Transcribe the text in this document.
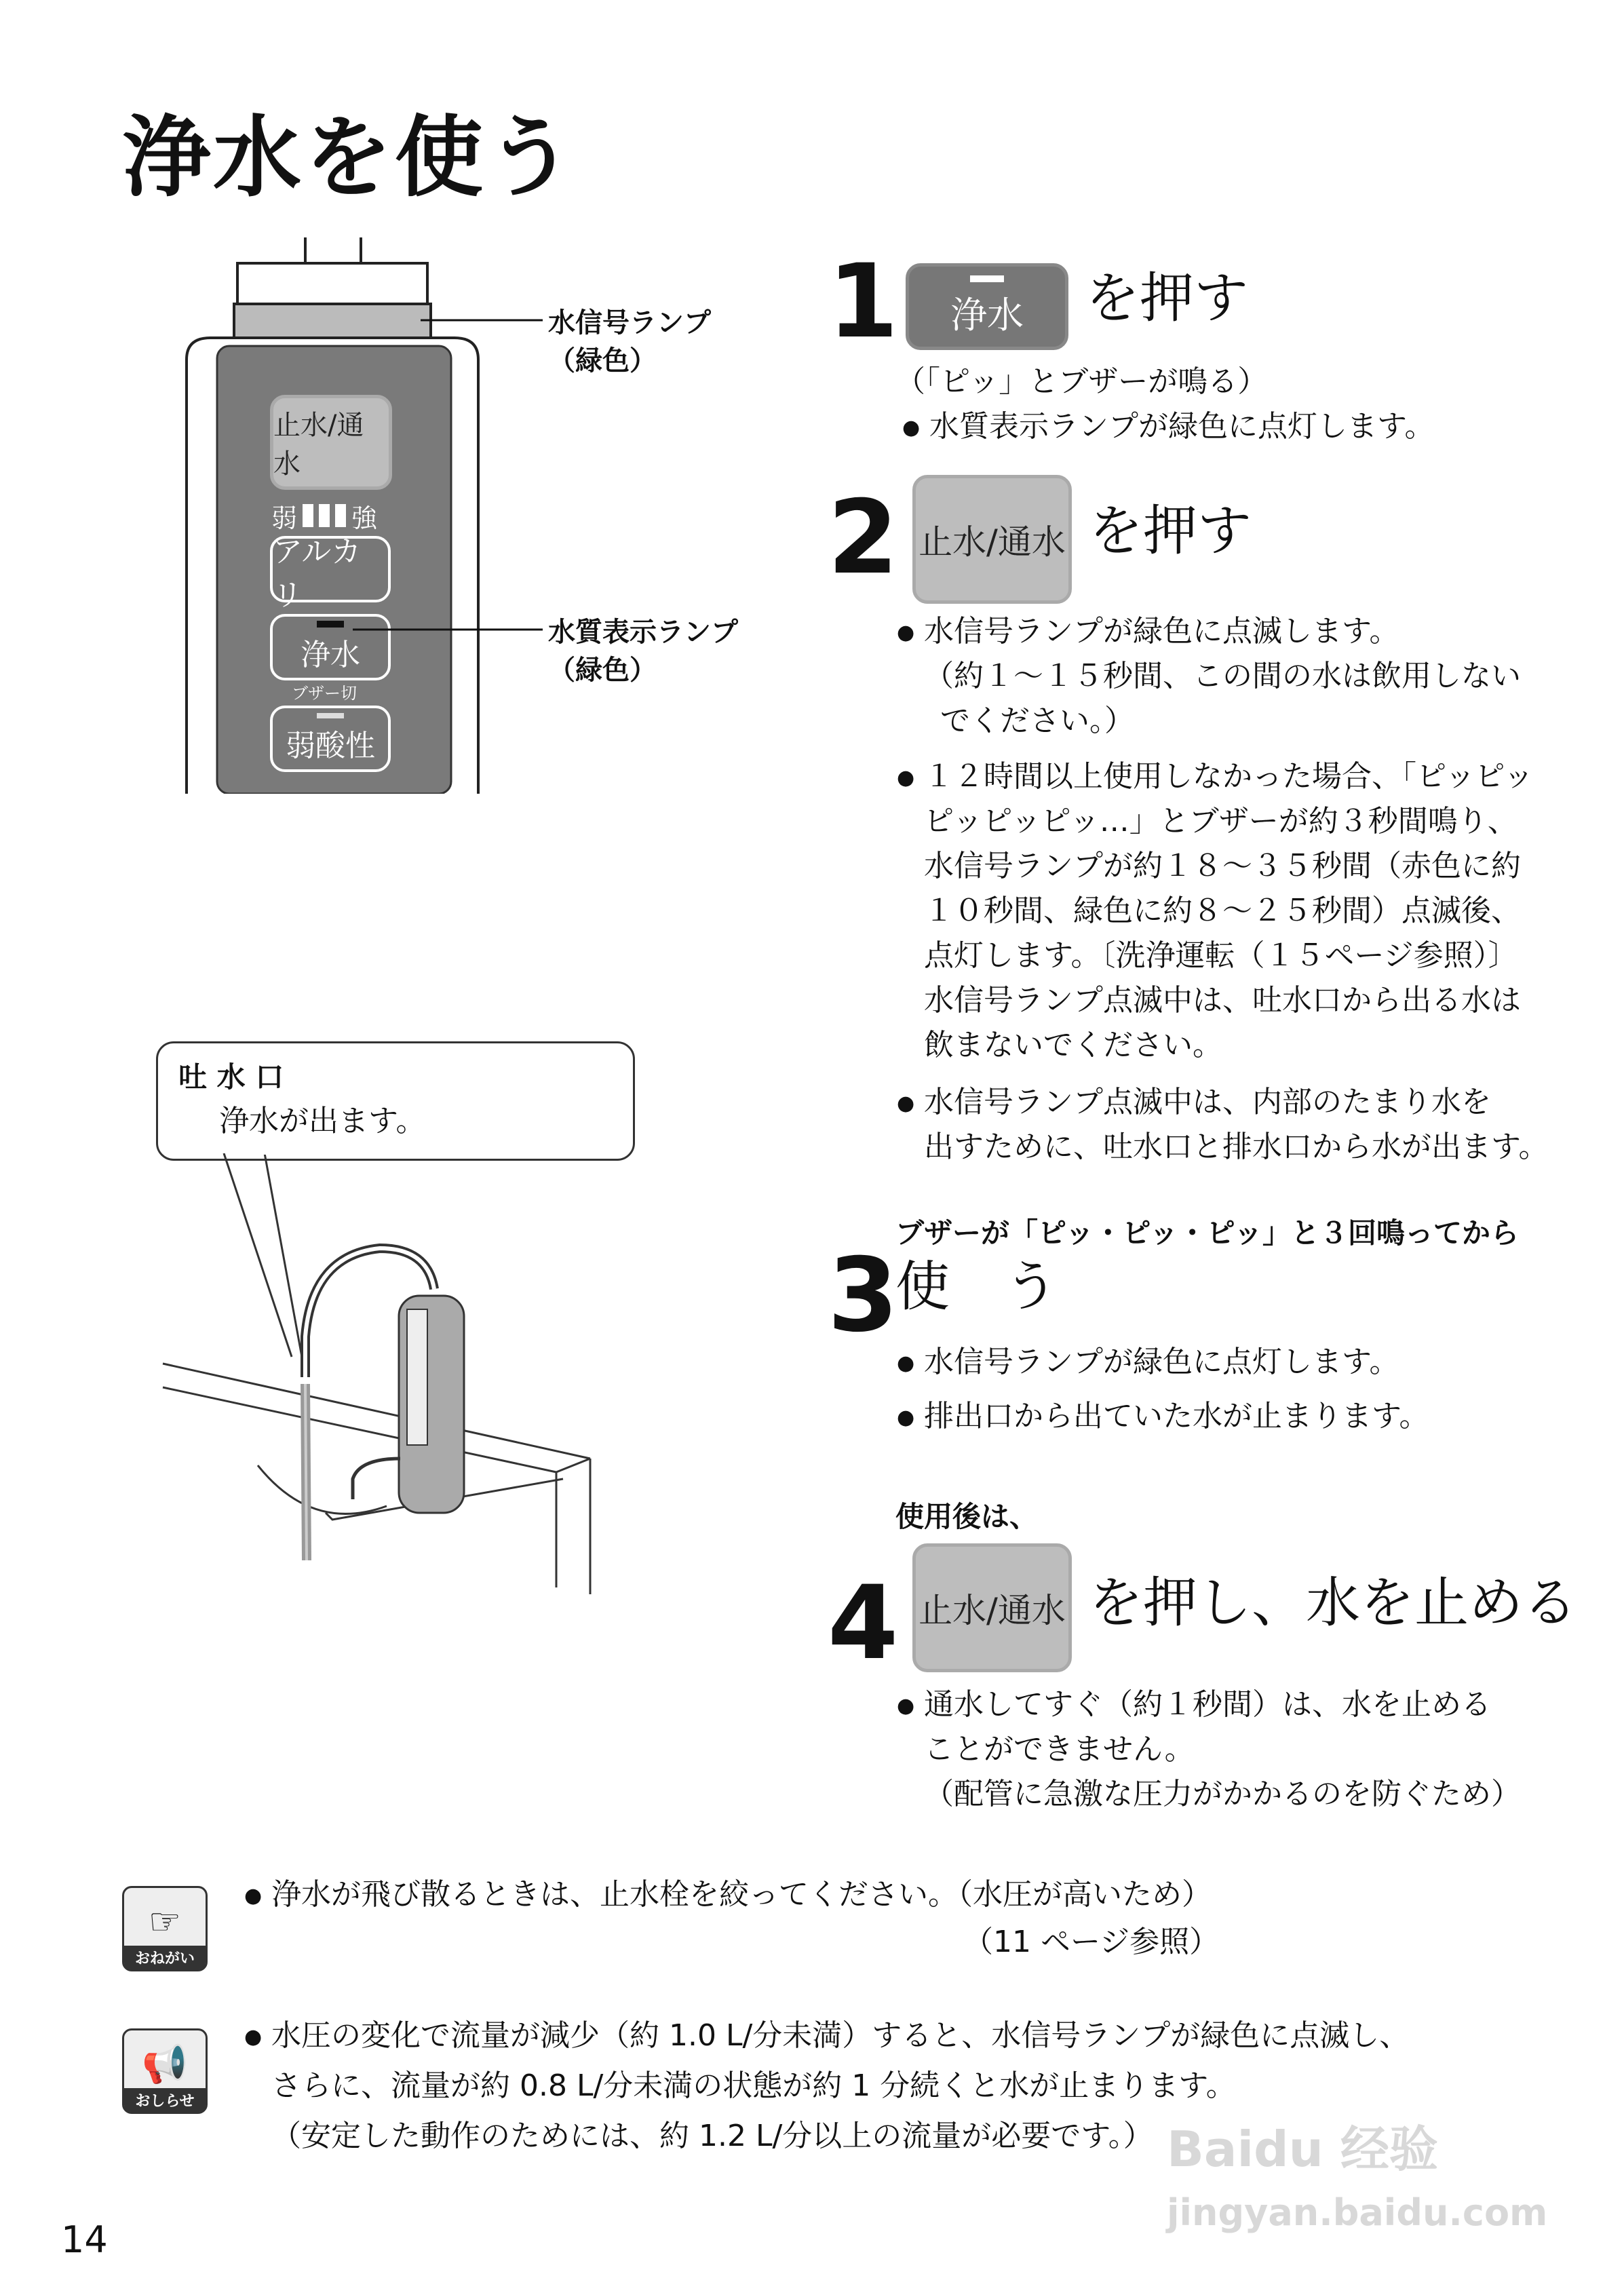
浄水を使う
止水/通水
弱 強
アルカリ
浄水
ブザー切
弱酸性
水信号ランプ
（緑色）
水質表示ランプ
（緑色）
吐 水 口
浄水が出ます。
1 浄水 を押す
（「ピッ」とブザーが鳴る）
● 水質表示ランプが緑色に点灯します。
2 止水/通水 を押す
● 水信号ランプが緑色に点滅します。
（約１～１５秒間、この間の水は飲用しない
でください。）
● １２時間以上使用しなかった場合、「ピッピッ
ピッピッピッ…」とブザーが約３秒間鳴り、
水信号ランプが約１８～３５秒間（赤色に約
１０秒間、緑色に約８～２５秒間）点滅後、
点灯します。〔洗浄運転（１５ページ参照）〕
水信号ランプ点滅中は、吐水口から出る水は
飲まないでください。
● 水信号ランプ点滅中は、内部のたまり水を
出すために、吐水口と排水口から水が出ます。
ブザーが「ピッ・ピッ・ピッ」と３回鳴ってから
3
使　う
● 水信号ランプが緑色に点灯します。
● 排出口から出ていた水が止まります。
使用後は、
4 止水/通水 を押し、水を止める
● 通水してすぐ（約１秒間）は、水を止める
ことができません。
（配管に急激な圧力がかかるのを防ぐため）
☞
おねがい
● 浄水が飛び散るときは、止水栓を絞ってください。（水圧が高いため）
（11 ページ参照）
📢
おしらせ
● 水圧の変化で流量が減少（約 1.0 L/分未満）すると、水信号ランプが緑色に点滅し、
さらに、流量が約 0.8 L/分未満の状態が約 1 分続くと水が止まります。
（安定した動作のためには、約 1.2 L/分以上の流量が必要です。）
14
Baidu 经验
jingyan.baidu.com
